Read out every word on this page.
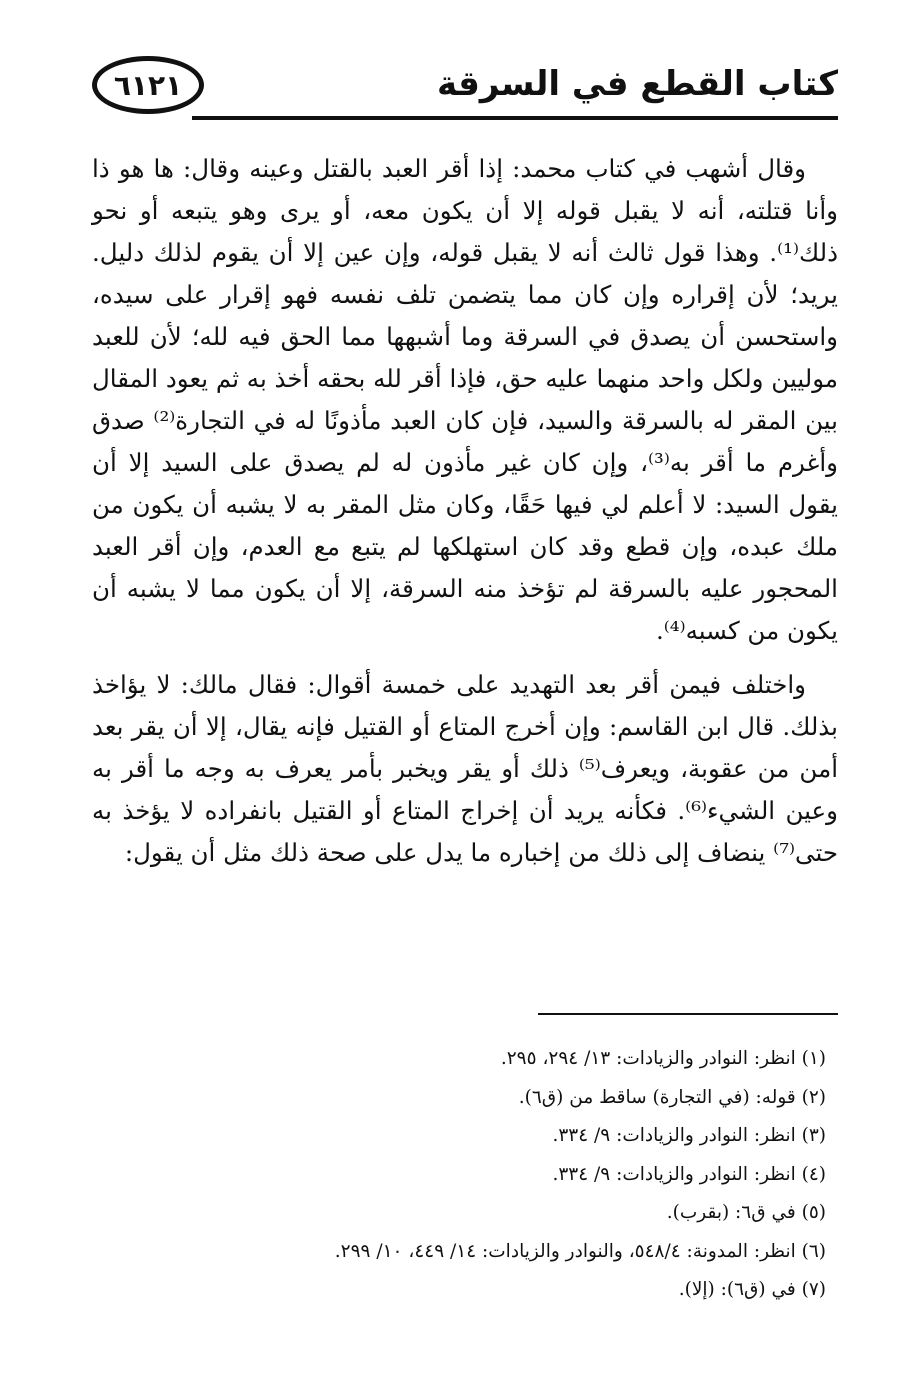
كتاب القطع في السرقة
٦١٢١

وقال أشهب في كتاب محمد: إذا أقر العبد بالقتل وعينه وقال: ها هو ذا وأنا قتلته، أنه لا يقبل قوله إلا أن يكون معه، أو يرى وهو يتبعه أو نحو ذلك⁽¹⁾. وهذا قول ثالث أنه لا يقبل قوله، وإن عين إلا أن يقوم لذلك دليل. يريد؛ لأن إقراره وإن كان مما يتضمن تلف نفسه فهو إقرار على سيده، واستحسن أن يصدق في السرقة وما أشبهها مما الحق فيه لله؛ لأن للعبد موليين ولكل واحد منهما عليه حق، فإذا أقر لله بحقه أخذ به ثم يعود المقال بين المقر له بالسرقة والسيد، فإن كان العبد مأذونًا له في التجارة⁽²⁾ صدق وأغرم ما أقر به⁽³⁾، وإن كان غير مأذون له لم يصدق على السيد إلا أن يقول السيد: لا أعلم لي فيها حَقًا، وكان مثل المقر به لا يشبه أن يكون من ملك عبده، وإن قطع وقد كان استهلكها لم يتبع مع العدم، وإن أقر العبد المحجور عليه بالسرقة لم تؤخذ منه السرقة، إلا أن يكون مما لا يشبه أن يكون من كسبه⁽⁴⁾.

واختلف فيمن أقر بعد التهديد على خمسة أقوال: فقال مالك: لا يؤاخذ بذلك. قال ابن القاسم: وإن أخرج المتاع أو القتيل فإنه يقال، إلا أن يقر بعد أمن من عقوبة، ويعرف⁽⁵⁾ ذلك أو يقر ويخبر بأمر يعرف به وجه ما أقر به وعين الشيء⁽⁶⁾. فكأنه يريد أن إخراج المتاع أو القتيل بانفراده لا يؤخذ به حتى⁽⁷⁾ ينضاف إلى ذلك من إخباره ما يدل على صحة ذلك مثل أن يقول:

(١) انظر: النوادر والزيادات: ١٣/ ٢٩٤، ٢٩٥.

(٢) قوله: (في التجارة) ساقط من (ق٦).

(٣) انظر: النوادر والزيادات: ٩/ ٣٣٤.

(٤) انظر: النوادر والزيادات: ٩/ ٣٣٤.

(٥) في ق٦: (بقرب).

(٦) انظر: المدونة: ٥٤٨/٤، والنوادر والزيادات: ١٤/ ٤٤٩، ١٠/ ٢٩٩.

(٧) في (ق٦): (إلا).
